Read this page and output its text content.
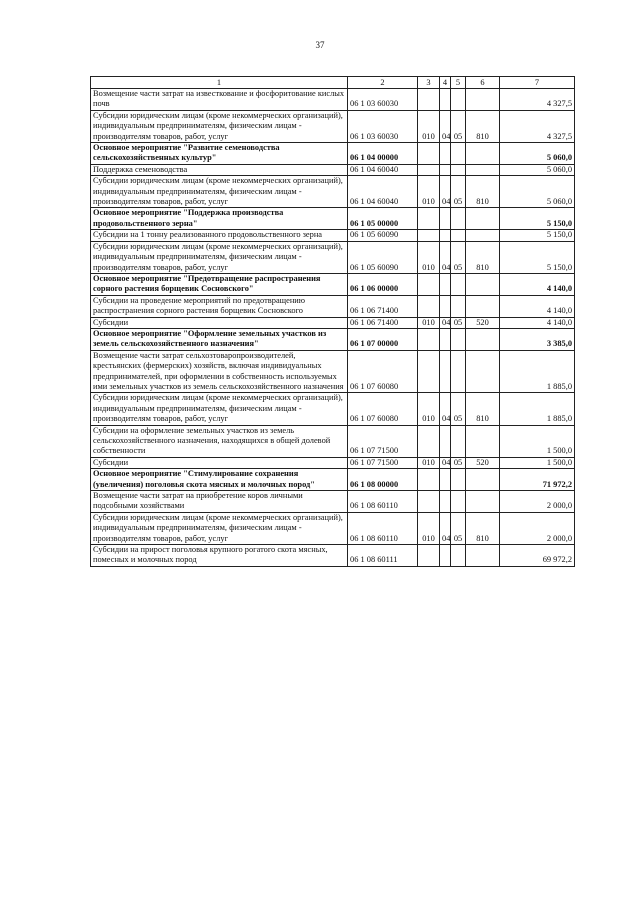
37
1	2	3	4	5	6	7
Возмещение части затрат на известкование и фосфоритование кислых почв	06 1 03 60030					4 327,5
Субсидии юридическим лицам (кроме некоммерческих организаций), индивидуальным предпринимателям, физическим лицам - производителям товаров, работ, услуг	06 1 03 60030	010	04	05	810	4 327,5
Основное мероприятие "Развитие семеноводства сельскохозяйственных культур"	06 1 04 00000					5 060,0
Поддержка семеноводства	06 1 04 60040					5 060,0
Субсидии юридическим лицам (кроме некоммерческих организаций), индивидуальным предпринимателям, физическим лицам - производителям товаров, работ, услуг	06 1 04 60040	010	04	05	810	5 060,0
Основное мероприятие "Поддержка производства продовольственного зерна"	06 1 05 00000					5 150,0
Субсидии на 1 тонну реализованного продовольственного зерна	06 1 05 60090					5 150,0
Субсидии юридическим лицам (кроме некоммерческих организаций), индивидуальным предпринимателям, физическим лицам - производителям товаров, работ, услуг	06 1 05 60090	010	04	05	810	5 150,0
Основное мероприятие "Предотвращение распространения сорного растения борщевик Сосновского"	06 1 06 00000					4 140,0
Субсидии на проведение мероприятий по предотвращению распространения сорного растения борщевик Сосновского	06 1 06 71400					4 140,0
Субсидии	06 1 06 71400	010	04	05	520	4 140,0
Основное мероприятие "Оформление земельных участков из земель сельскохозяйственного назначения"	06 1 07 00000					3 385,0
Возмещение части затрат сельхозтоваропроизводителей, крестьянских (фермерских) хозяйств, включая индивидуальных предпринимателей, при оформлении в собственность используемых ими земельных участков из земель сельскохозяйственного назначения	06 1 07 60080					1 885,0
Субсидии юридическим лицам (кроме некоммерческих организаций), индивидуальным предпринимателям, физическим лицам - производителям товаров, работ, услуг	06 1 07 60080	010	04	05	810	1 885,0
Субсидии на оформление земельных участков из земель сельскохозяйственного назначения, находящихся в общей долевой собственности	06 1 07 71500					1 500,0
Субсидии	06 1 07 71500	010	04	05	520	1 500,0
Основное мероприятие "Стимулирование сохранения (увеличения) поголовья скота мясных и молочных пород"	06 1 08 00000					71 972,2
Возмещение части затрат на приобретение коров личными подсобными хозяйствами	06 1 08 60110					2 000,0
Субсидии юридическим лицам (кроме некоммерческих организаций), индивидуальным предпринимателям, физическим лицам - производителям товаров, работ, услуг	06 1 08 60110	010	04	05	810	2 000,0
Субсидии на прирост поголовья крупного рогатого скота мясных, помесных и молочных пород	06 1 08 60111					69 972,2
